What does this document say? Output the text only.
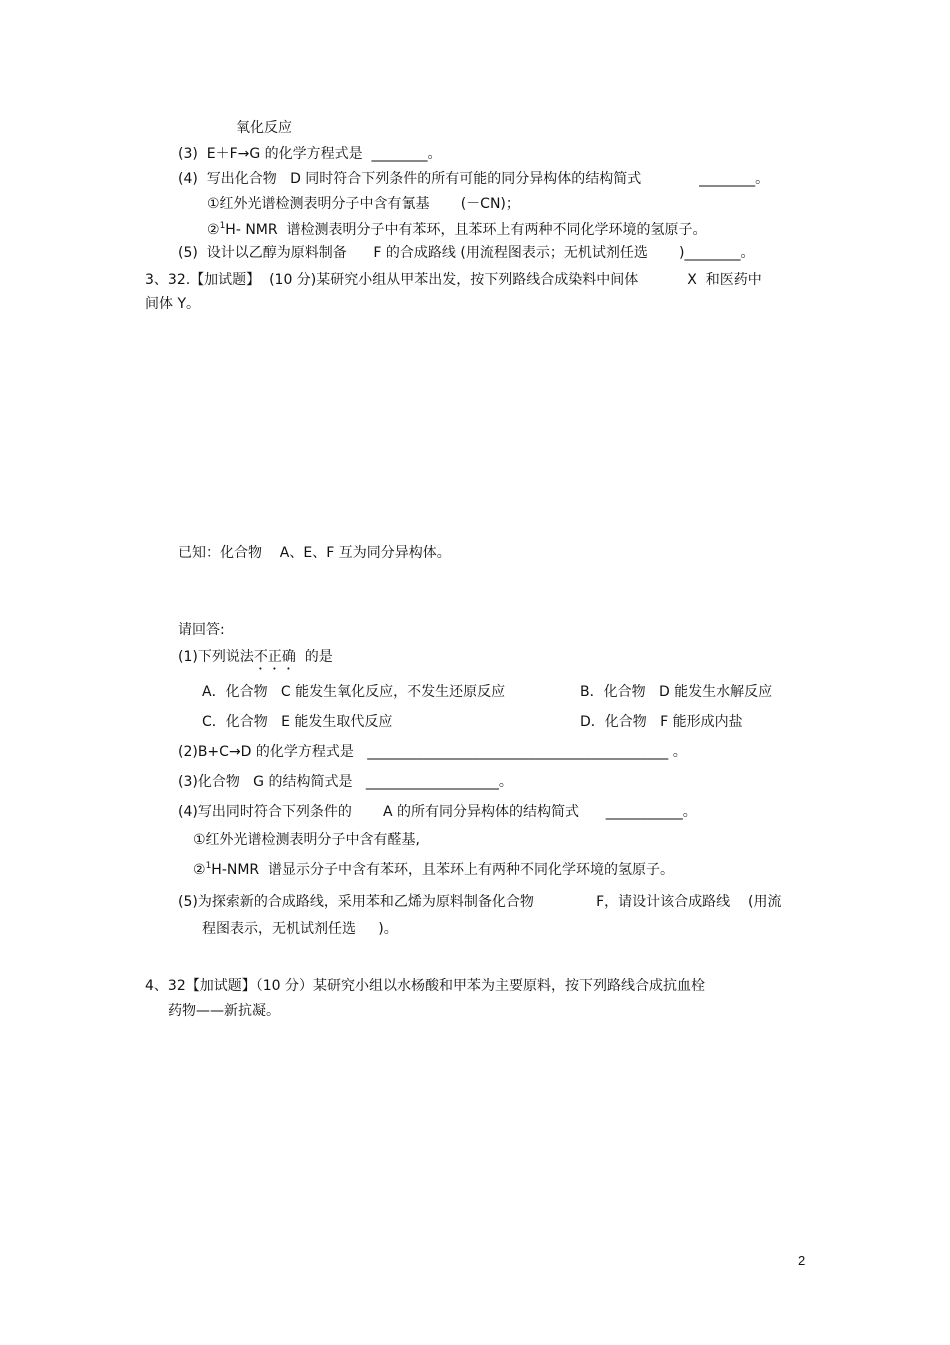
氧化反应
(3)  E＋F→G 的化学方程式是  ________。
(4)  写出化合物   D 同时符合下列条件的所有可能的同分异构体的结构简式             ________。
①红外光谱检测表明分子中含有氰基       (－CN)；
②$^1$H- NMR  谱检测表明分子中有苯环，且苯环上有两种不同化学环境的氢原子。
(5)  设计以乙醇为原料制备      F 的合成路线 (用流程图表示；无机试剂任选       )________。
3、32.【加试题】  (10 分)某研究小组从甲苯出发，按下列路线合成染料中间体           X  和医药中
间体 Y。
已知：化合物    A、E、F 互为同分异构体。
请回答:
(1)下列说法不正确  的是
A．化合物   C 能发生氧化反应，不发生还原反应	B．化合物   D 能发生水解反应
C．化合物   E 能发生取代反应	D．化合物   F 能形成内盐
(2)B+C→D 的化学方程式是   ___________________________________________ 。
(3)化合物   G 的结构简式是   ___________________。
(4)写出同时符合下列条件的       A 的所有同分异构体的结构简式      ___________。
①红外光谱检测表明分子中含有醛基,
②$^1$H-NMR  谱显示分子中含有苯环，且苯环上有两种不同化学环境的氢原子。
(5)为探索新的合成路线，采用苯和乙烯为原料制备化合物              F，请设计该合成路线    (用流
程图表示，无机试剂任选     )。
4、32【加试题】（10 分）某研究小组以水杨酸和甲苯为主要原料，按下列路线合成抗血栓
药物——新抗凝。
2
